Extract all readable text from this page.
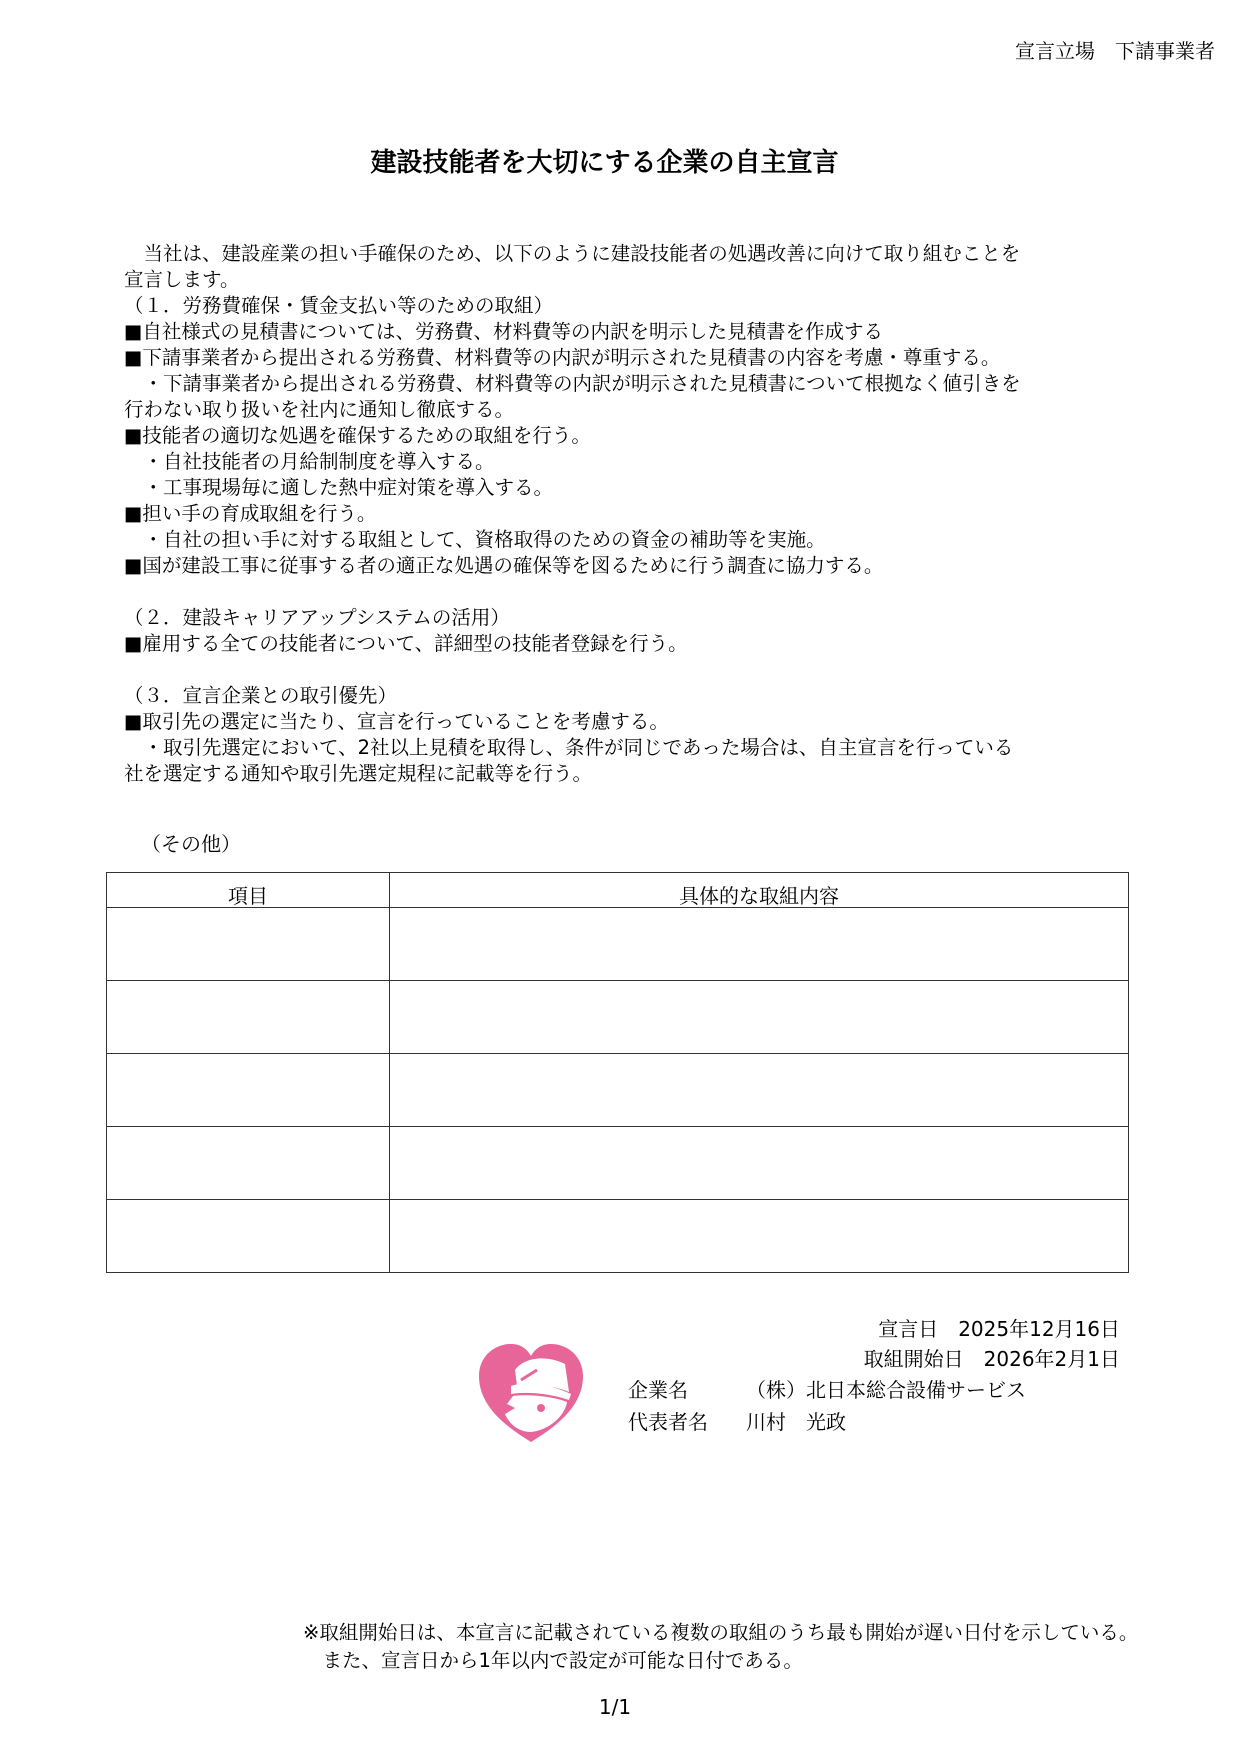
宣言立場　下請事業者
建設技能者を大切にする企業の自主宣言
　当社は、建設産業の担い手確保のため、以下のように建設技能者の処遇改善に向けて取り組むことを
宣言します。
（１．労務費確保・賃金支払い等のための取組）
■自社様式の見積書については、労務費、材料費等の内訳を明示した見積書を作成する
■下請事業者から提出される労務費、材料費等の内訳が明示された見積書の内容を考慮・尊重する。
　・下請事業者から提出される労務費、材料費等の内訳が明示された見積書について根拠なく値引きを
行わない取り扱いを社内に通知し徹底する。
■技能者の適切な処遇を確保するための取組を行う。
　・自社技能者の月給制制度を導入する。
　・工事現場毎に適した熱中症対策を導入する。
■担い手の育成取組を行う。
　・自社の担い手に対する取組として、資格取得のための資金の補助等を実施。
■国が建設工事に従事する者の適正な処遇の確保等を図るために行う調査に協力する。
（２．建設キャリアアップシステムの活用）
■雇用する全ての技能者について、詳細型の技能者登録を行う。
（３．宣言企業との取引優先）
■取引先の選定に当たり、宣言を行っていることを考慮する。
　・取引先選定において、2社以上見積を取得し、条件が同じであった場合は、自主宣言を行っている
社を選定する通知や取引先選定規程に記載等を行う。
（その他）
項目	具体的な取組内容

宣言日　2025年12月16日
取組開始日　2026年2月1日
企業名	（株）北日本総合設備サービス
代表者名 川村　光政
※取組開始日は、本宣言に記載されている複数の取組のうち最も開始が遅い日付を示している。
　また、宣言日から1年以内で設定が可能な日付である。
1/1
